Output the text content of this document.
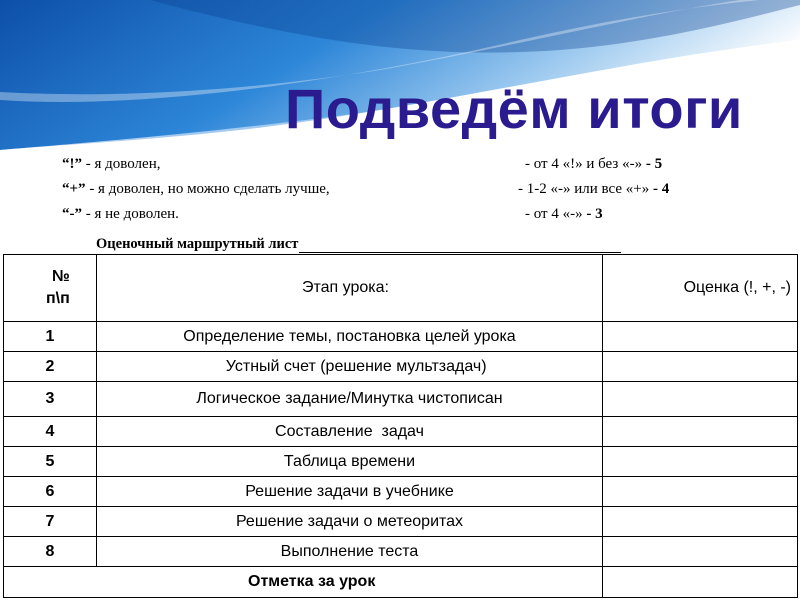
Подведём итоги
“!” - я доволен,
“+” - я доволен, но можно сделать лучше,
“-” - я не доволен.
- от 4 «!» и без «-» - 5
- 1-2 «-» или все «+» - 4
- от 4 «-» - 3
Оценочный маршрутный лист
№
п\п	Этап урока:	Оценка (!, +, -)
1	Определение темы, постановка целей урока	
2	Устный счет (решение мультзадач)	
3	Логическое задание/Минутка чистописан	
4	Составление  задач	
5	Таблица времени	
6	Решение задачи в учебнике	
7	Решение задачи о метеоритах	
8	Выполнение теста	
Отметка за урок		
